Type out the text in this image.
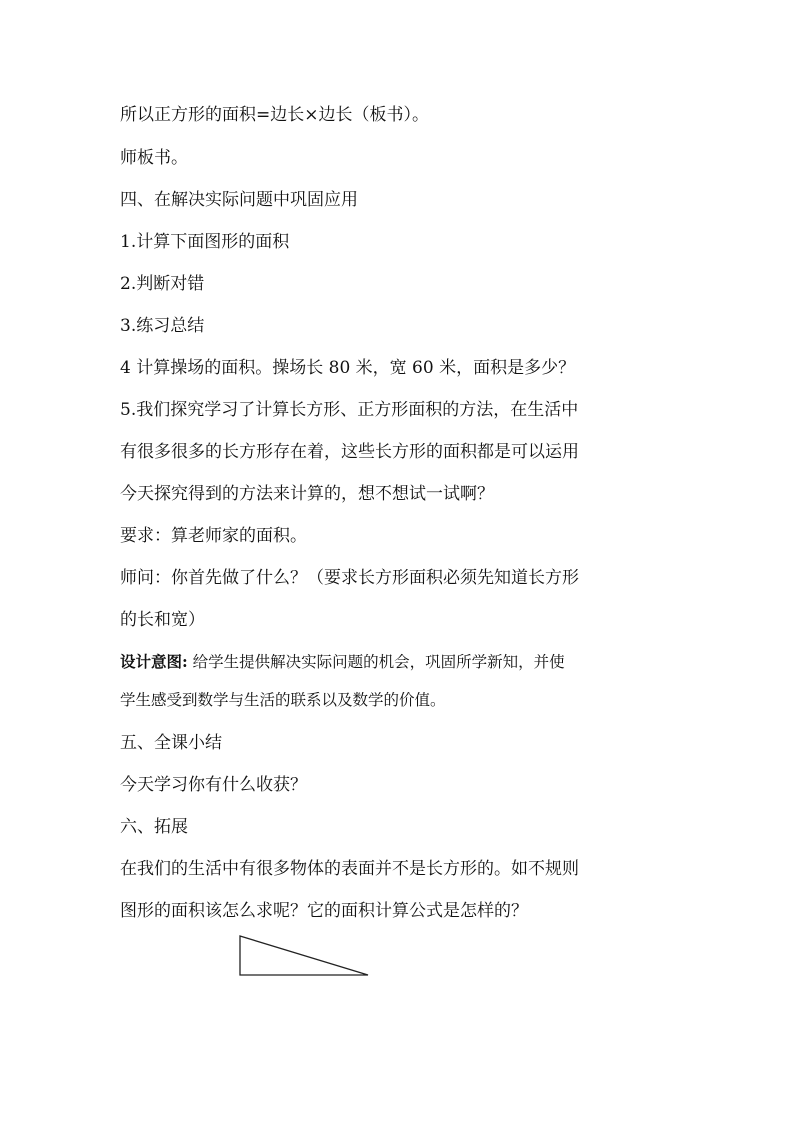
所以正方形的面积=边长×边长（板书）。
师板书。
四、在解决实际问题中巩固应用
1.计算下面图形的面积
2.判断对错
3.练习总结
4 计算操场的面积。操场长 80 米，宽 60 米，面积是多少？
5.我们探究学习了计算长方形、正方形面积的方法，在生活中
有很多很多的长方形存在着，这些长方形的面积都是可以运用
今天探究得到的方法来计算的，想不想试一试啊？
要求：算老师家的面积。
师问：你首先做了什么？（要求长方形面积必须先知道长方形
的长和宽）
设计意图: 给学生提供解决实际问题的机会，巩固所学新知，并使
学生感受到数学与生活的联系以及数学的价值。
五、全课小结
今天学习你有什么收获？
六、拓展
在我们的生活中有很多物体的表面并不是长方形的。如不规则
图形的面积该怎么求呢？它的面积计算公式是怎样的？
